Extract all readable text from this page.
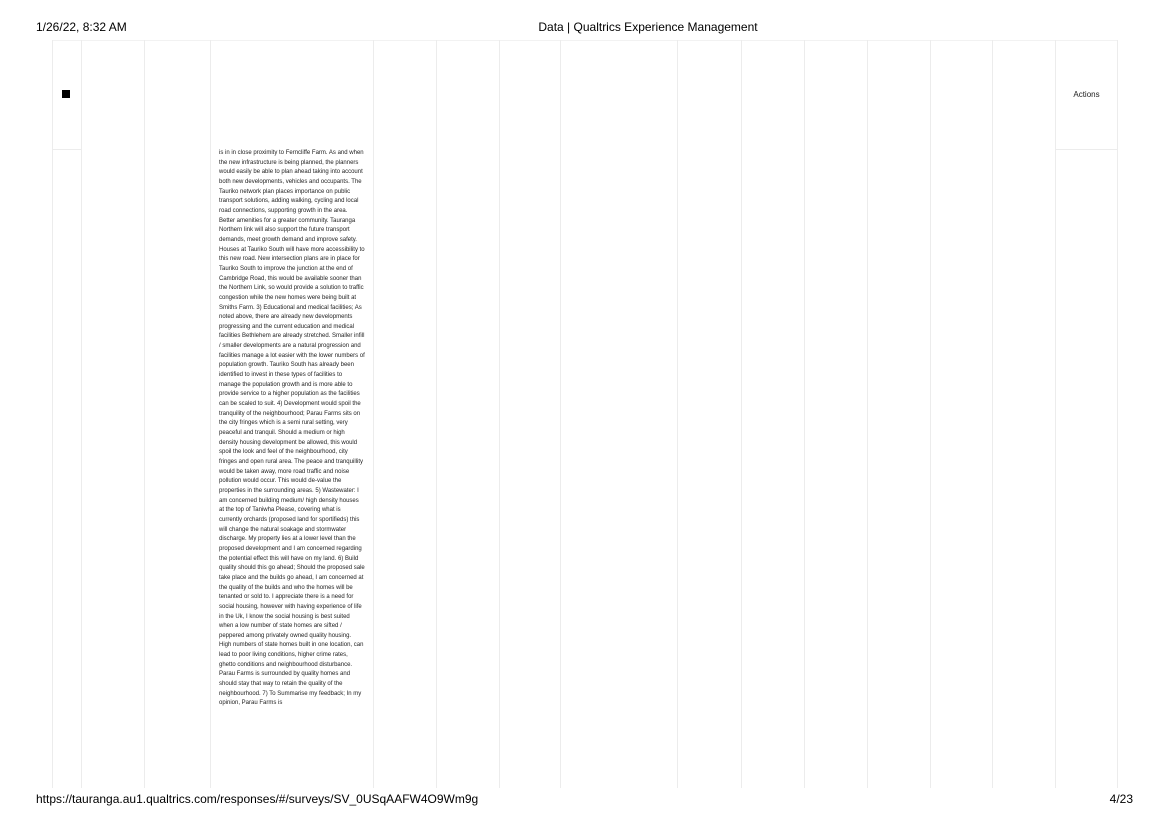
1/26/22, 8:32 AM	Data | Qualtrics Experience Management
Actions
is in in close proximity to Ferncliffe Farm. As and when the new infrastructure is being planned, the planners would easily be able to plan ahead taking into account both new developments, vehicles and occupants. The Tauriko network plan places importance on public transport solutions, adding walking, cycling and local road connections, supporting growth in the area. Better amenities for a greater community. Tauranga Northern link will also support the future transport demands, meet growth demand and improve safety. Houses at Tauriko South will have more accessibility to this new road. New intersection plans are in place for Tauriko South to improve the junction at the end of Cambridge Road, this would be available sooner than the Northern Link, so would provide a solution to traffic congestion while the new homes were being built at Smiths Farm. 3) Educational and medical facilities; As noted above, there are already new developments progressing and the current education and medical facilities Bethlehem are already stretched. Smaller infill / smaller developments are a natural progression and facilities manage a lot easier with the lower numbers of population growth. Tauriko South has already been identified to invest in these types of facilities to manage the population growth and is more able to provide service to a higher population as the facilities can be scaled to suit. 4) Development would spoil the tranquility of the neighbourhood; Parau Farms sits on the city fringes which is a semi rural setting, very peaceful and tranquil. Should a medium or high density housing development be allowed, this would spoil the look and feel of the neighbourhood, city fringes and open rural area. The peace and tranquillity would be taken away, more road traffic and noise pollution would occur. This would de-value the properties in the surrounding areas. 5) Wastewater: I am concerned building medium/ high density houses at the top of Taniwha Please, covering what is currently orchards (proposed land for sportifieds) this will change the natural soakage and stormwater discharge. My property lies at a lower level than the proposed development and I am concerned regarding the potential effect this will have on my land. 6) Build quality should this go ahead; Should the proposed sale take place and the builds go ahead, I am concerned at the quality of the builds and who the homes will be tenanted or sold to. I appreciate there is a need for social housing, however with having experience of life in the Uk, I know the social housing is best suited when a low number of state homes are sifted / peppered among privately owned quality housing. High numbers of state homes built in one location, can lead to poor living conditions, higher crime rates, ghetto conditions and neighbourhood disturbance. Parau Farms is surrounded by quality homes and should stay that way to retain the quality of the neighbourhood. 7) To Summarise my feedback; In my opinion, Parau Farms is
https://tauranga.au1.qualtrics.com/responses/#/surveys/SV_0USqAAFW4O9Wm9g	4/23
